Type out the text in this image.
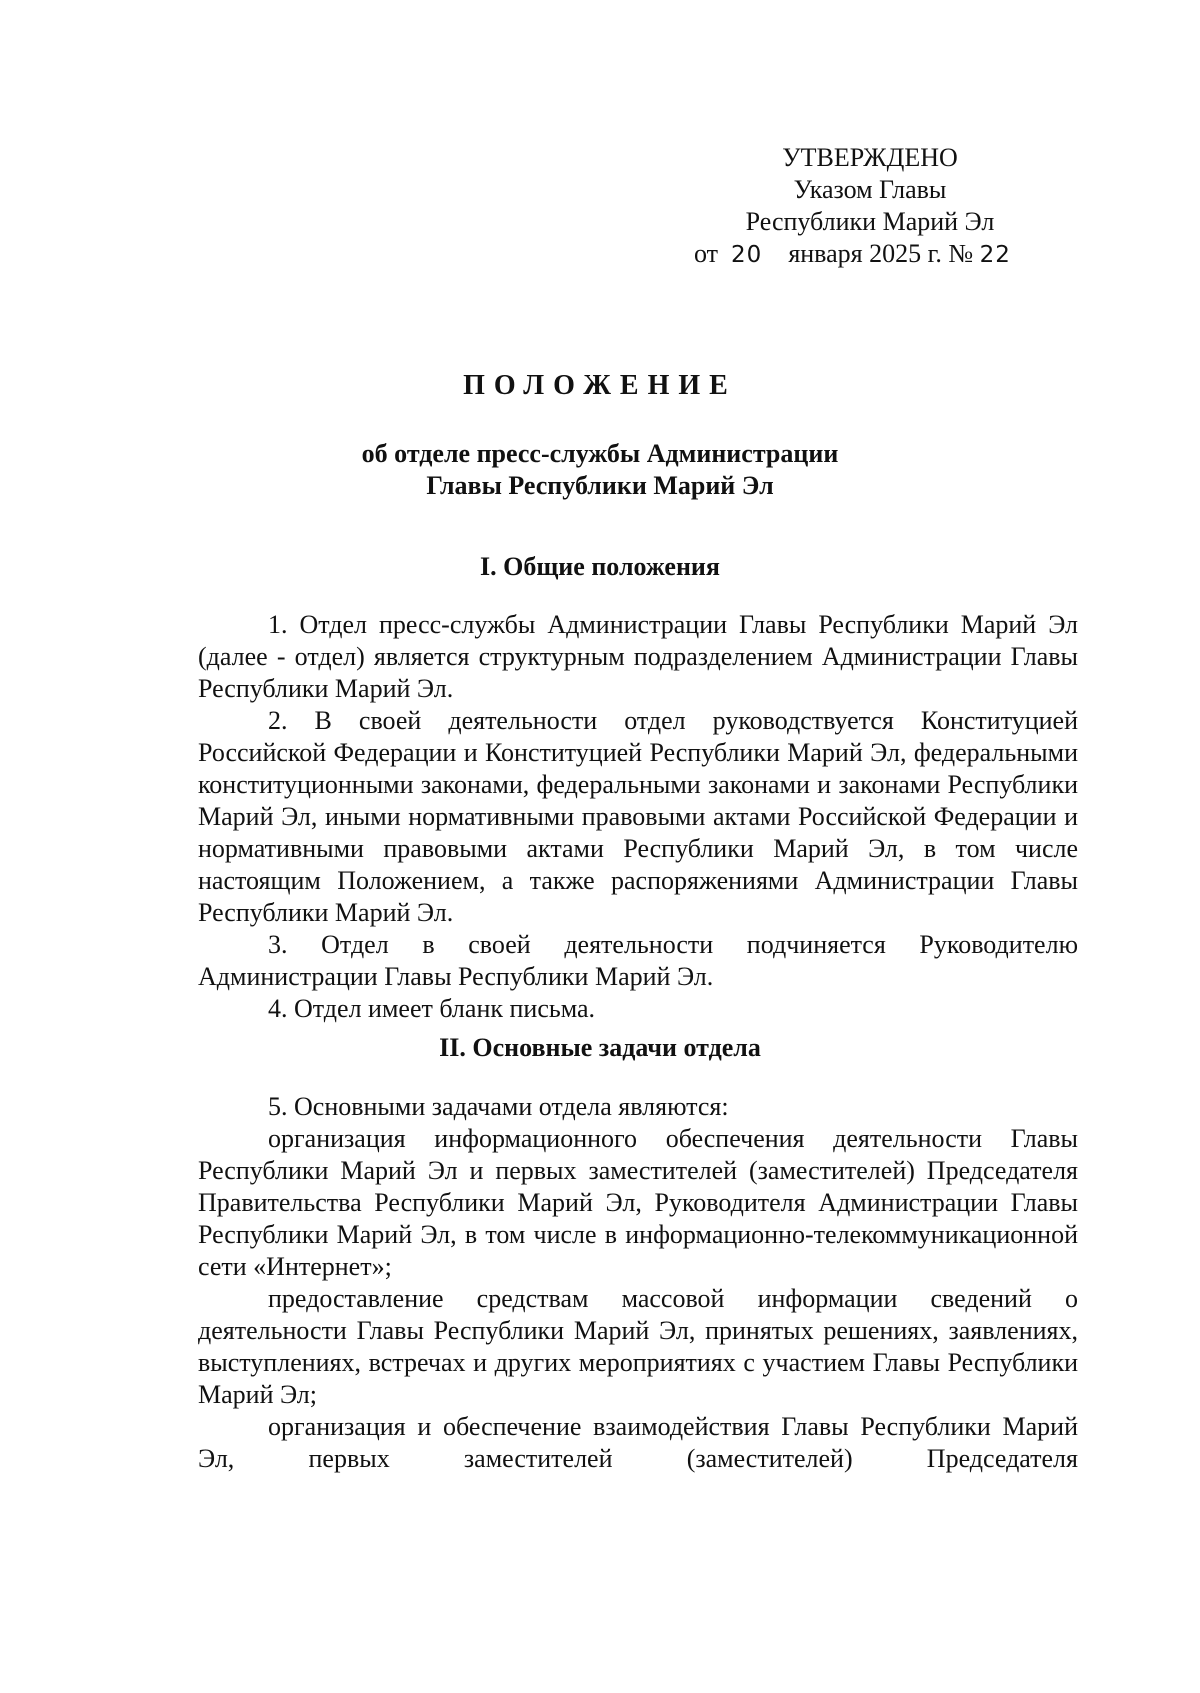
УТВЕРЖДЕНО
Указом Главы
Республики Марий Эл
от 20 января 2025 г. № 22
ПОЛОЖЕНИЕ
об отделе пресс-службы Администрации
Главы Республики Марий Эл
I. Общие положения

1. Отдел пресс-службы Администрации Главы Республики Марий Эл (далее - отдел) является структурным подразделением Администрации Главы Республики Марий Эл.

2. В своей деятельности отдел руководствуется Конституцией Российской Федерации и Конституцией Республики Марий Эл, федеральными конституционными законами, федеральными законами и законами Республики Марий Эл, иными нормативными правовыми актами Российской Федерации и нормативными правовыми актами Республики Марий Эл, в том числе настоящим Положением, а также распоряжениями Администрации Главы Республики Марий Эл.

3. Отдел в своей деятельности подчиняется Руководителю Администрации Главы Республики Марий Эл.

4. Отдел имеет бланк письма.

II. Основные задачи отдела

5. Основными задачами отдела являются:

организация информационного обеспечения деятельности Главы Республики Марий Эл и первых заместителей (заместителей) Председателя Правительства Республики Марий Эл, Руководителя Администрации Главы Республики Марий Эл, в том числе в информационно-телекоммуникационной сети «Интернет»;

предоставление средствам массовой информации сведений о деятельности Главы Республики Марий Эл, принятых решениях, заявлениях, выступлениях, встречах и других мероприятиях с участием Главы Республики Марий Эл;

организация и обеспечение взаимодействия Главы Республики Марий Эл, первых заместителей (заместителей) Председателя
